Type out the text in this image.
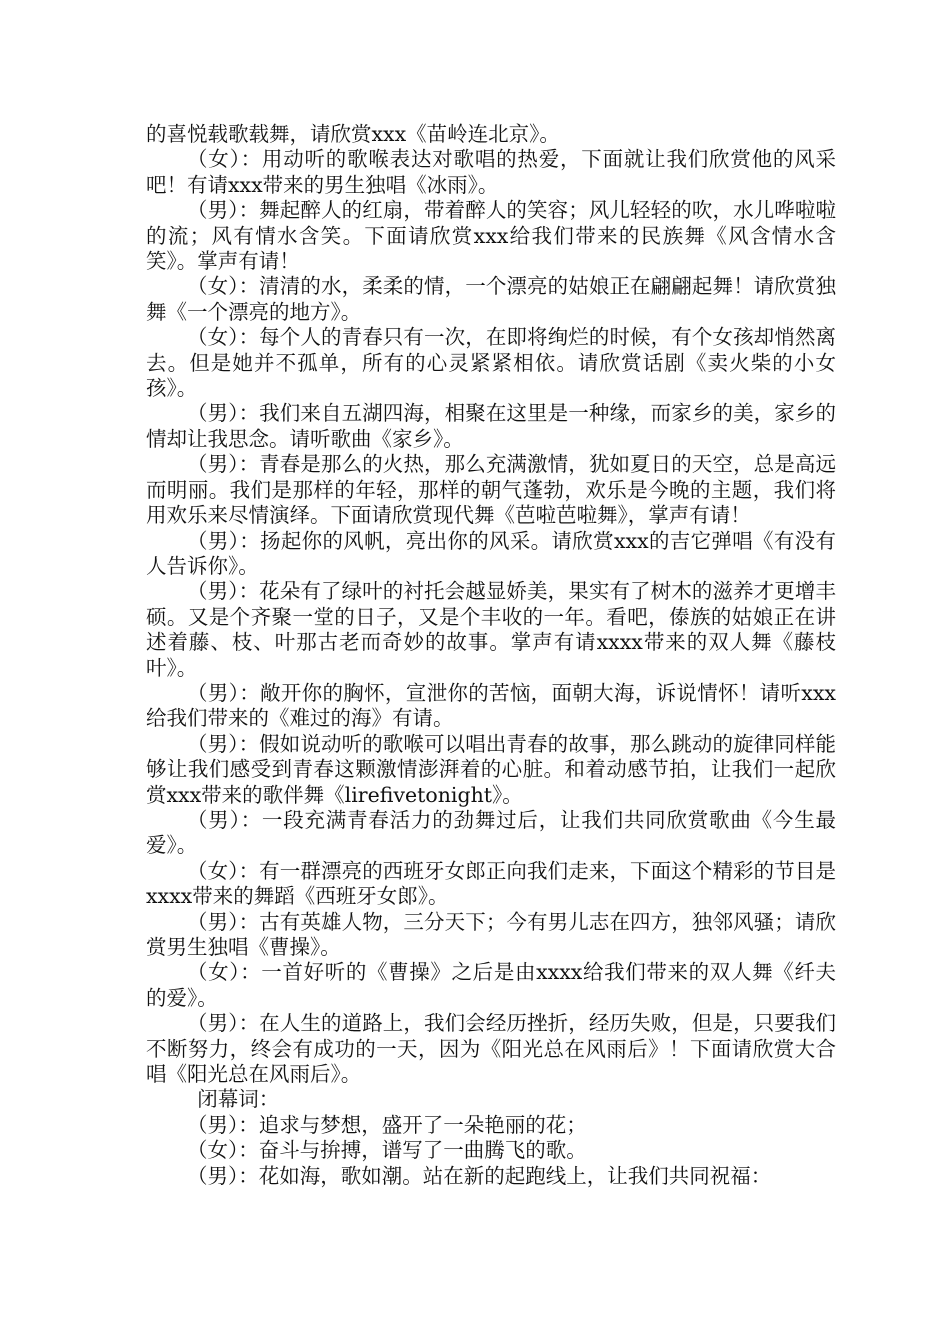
的喜悦载歌载舞，请欣赏xxx《苗岭连北京》。

（女）：用动听的歌喉表达对歌唱的热爱，下面就让我们欣赏他的风采吧！有请xxx带来的男生独唱《冰雨》。

（男）：舞起醉人的红扇，带着醉人的笑容；风儿轻轻的吹，水儿哗啦啦的流；风有情水含笑。下面请欣赏xxx给我们带来的民族舞《风含情水含笑》。掌声有请！

（女）：清清的水，柔柔的情，一个漂亮的姑娘正在翩翩起舞！请欣赏独舞《一个漂亮的地方》。

（女）：每个人的青春只有一次，在即将绚烂的时候，有个女孩却悄然离去。但是她并不孤单，所有的心灵紧紧相依。请欣赏话剧《卖火柴的小女孩》。

（男）：我们来自五湖四海，相聚在这里是一种缘，而家乡的美，家乡的情却让我思念。请听歌曲《家乡》。

（男）：青春是那么的火热，那么充满激情，犹如夏日的天空，总是高远而明丽。我们是那样的年轻，那样的朝气蓬勃，欢乐是今晚的主题，我们将用欢乐来尽情演绎。下面请欣赏现代舞《芭啦芭啦舞》，掌声有请！

（男）：扬起你的风帆，亮出你的风采。请欣赏xxx的吉它弹唱《有没有人告诉你》。

（男）：花朵有了绿叶的衬托会越显娇美，果实有了树木的滋养才更增丰硕。又是个齐聚一堂的日子，又是个丰收的一年。看吧，傣族的姑娘正在讲述着藤、枝、叶那古老而奇妙的故事。掌声有请xxxx带来的双人舞《藤枝叶》。

（男）：敞开你的胸怀，宣泄你的苦恼，面朝大海，诉说情怀！请听xxx给我们带来的《难过的海》有请。

（男）：假如说动听的歌喉可以唱出青春的故事，那么跳动的旋律同样能够让我们感受到青春这颗激情澎湃着的心脏。和着动感节拍，让我们一起欣赏xxx带来的歌伴舞《lirefivetonight》。

（男）：一段充满青春活力的劲舞过后，让我们共同欣赏歌曲《今生最爱》。

（女）：有一群漂亮的西班牙女郎正向我们走来，下面这个精彩的节目是xxxx带来的舞蹈《西班牙女郎》。

（男）：古有英雄人物，三分天下；今有男儿志在四方，独邻风骚；请欣赏男生独唱《曹操》。

（女）：一首好听的《曹操》之后是由xxxx给我们带来的双人舞《纤夫的爱》。

（男）：在人生的道路上，我们会经历挫折，经历失败，但是，只要我们不断努力，终会有成功的一天，因为《阳光总在风雨后》！下面请欣赏大合唱《阳光总在风雨后》。

闭幕词：

（男）：追求与梦想，盛开了一朵艳丽的花；

（女）：奋斗与拚搏，谱写了一曲腾飞的歌。

（男）：花如海，歌如潮。站在新的起跑线上，让我们共同祝福：
